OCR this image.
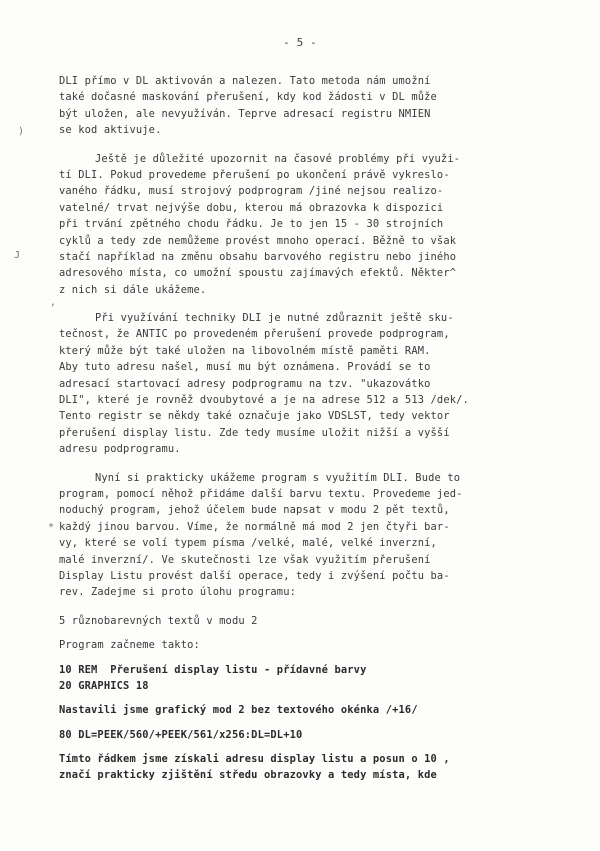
- 5 -
)
J
,
*
DLI přímo v DL aktivován a nalezen. Tato metoda nám umožní
také dočasné maskování přerušení, kdy kod žádosti v DL může
být uložen, ale nevyužíván. Teprve adresací registru NMIEN
se kod aktivuje.
Ještě je důležité upozornit na časové problémy při využi-
tí DLI. Pokud provedeme přerušení po ukončení právě vykreslo-
vaného řádku, musí strojový podprogram /jiné nejsou realizo-
vatelné/ trvat nejvýše dobu, kterou má obrazovka k dispozici
při trvání zpětného chodu řádku. Je to jen 15 - 30 strojních
cyklů a tedy zde nemůžeme provést mnoho operací. Běžně to však
stačí například na změnu obsahu barvového registru nebo jiného
adresového místa, co umožní spoustu zajímavých efektů. Někter^
z nich si dále ukážeme.
Při využívání techniky DLI je nutné zdůraznit ještě sku-
tečnost, že ANTIC po provedeném přerušení provede podprogram,
který může být také uložen na libovolném místě paměti RAM.
Aby tuto adresu našel, musí mu být oznámena. Provádí se to
adresací startovací adresy podprogramu na tzv. "ukazovátko
DLI", které je rovněž dvoubytové a je na adrese 512 a 513 /dek/.
Tento registr se někdy také označuje jako VDSLST, tedy vektor
přerušení display listu. Zde tedy musíme uložit nižší a vyšší
adresu podprogramu.
Nyní si prakticky ukážeme program s využitím DLI. Bude to
program, pomocí něhož přidáme další barvu textu. Provedeme jed-
noduchý program, jehož účelem bude napsat v modu 2 pět textů,
každý jinou barvou. Víme, že normálně má mod 2 jen čtyři bar-
vy, které se volí typem písma /velké, malé, velké inverzní,
malé inverzní/. Ve skutečnosti lze však využitím přerušení
Display Listu provést další operace, tedy i zvýšení počtu ba-
rev. Zadejme si proto úlohu programu:
5 různobarevných textů v modu 2
Program začneme takto:
10 REM  Přerušení display listu - přídavné barvy
20 GRAPHICS 18
Nastavili jsme grafický mod 2 bez textového okénka /+16/
80 DL=PEEK/560/+PEEK/561/x256:DL=DL+10
Tímto řádkem jsme získali adresu display listu a posun o 10 ,
značí prakticky zjištění středu obrazovky a tedy místa, kde
